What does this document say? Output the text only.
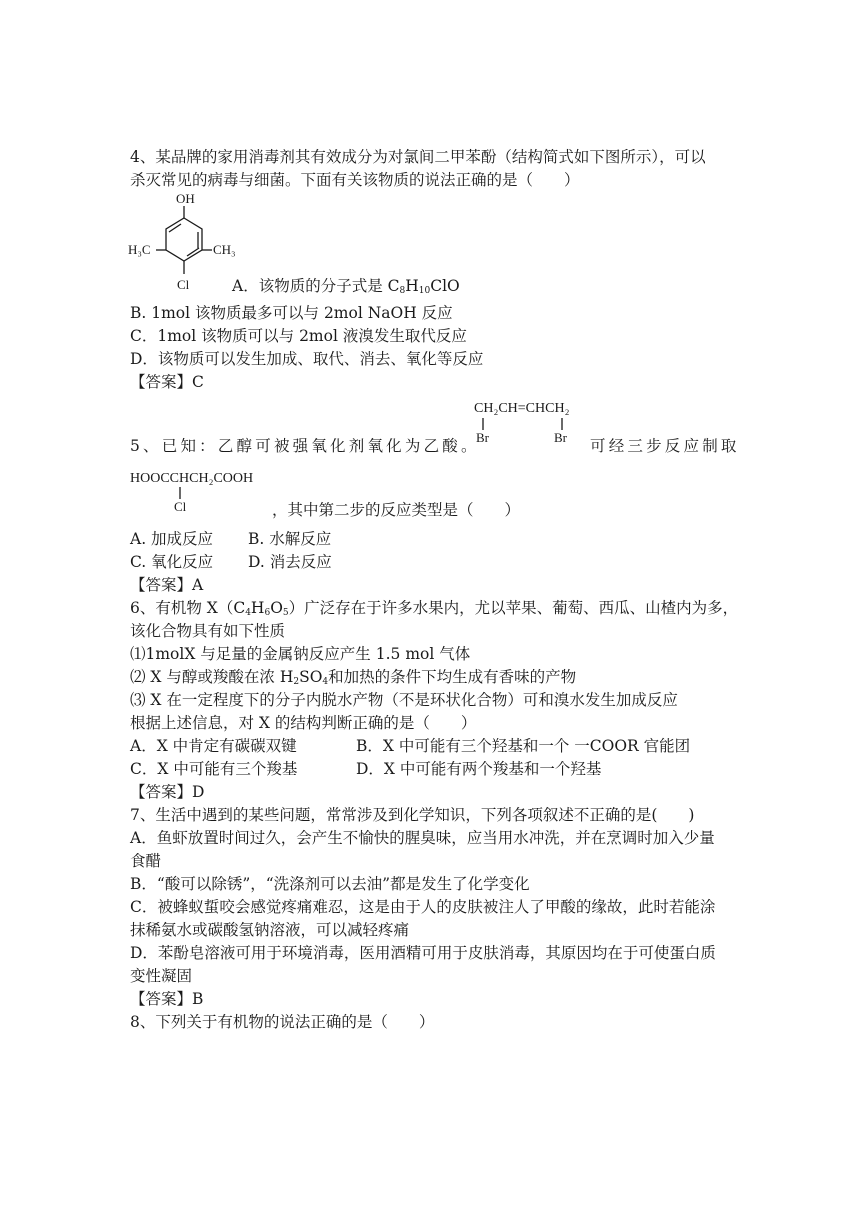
4、某品牌的家用消毒剂其有效成分为对氯间二甲苯酚（结构简式如下图所示），可以
杀灭常见的病毒与细菌。下面有关该物质的说法正确的是（　　）
OH
H₃C	CH₃
Cl	A．该物质的分子式是 $C_8H_{10}ClO$
B. 1mol 该物质最多可以与 2mol NaOH 反应
C．1mol 该物质可以与 2mol 液溴发生取代反应
D．该物质可以发生加成、取代、消去、氧化等反应
【答案】C
CH₂CH=CHCH₂
Br	Br
5、已知：乙醇可被强氧化剂氧化为乙酸。	可经三步反应制取
HOOCCHCH₂COOH
Cl	，其中第二步的反应类型是（　　）
A. 加成反应 B. 水解反应
C. 氧化反应 D. 消去反应
【答案】A
6、有机物 $X(C_4H_6O_5)$广泛存在于许多水果内，尤以苹果、葡萄、西瓜、山楂内为多，
该化合物具有如下性质
⑴1molX 与足量的金属钠反应产生 1.5 mol 气体
⑵ X 与醇或羧酸在浓 $H_2SO_4$和加热的条件下均生成有香味的产物
⑶ X 在一定程度下的分子内脱水产物（不是环状化合物）可和溴水发生加成反应
根据上述信息，对 X 的结构判断正确的是（　　）
A．X 中肯定有碳碳双键	B．X 中可能有三个羟基和一个 一COOR 官能团
C．X 中可能有三个羧基	D．X 中可能有两个羧基和一个羟基
【答案】D
7、生活中遇到的某些问题，常常涉及到化学知识，下列各项叙述不正确的是(　　)
A．鱼虾放置时间过久，会产生不愉快的腥臭味，应当用水冲洗，并在烹调时加入少量
食醋
B．“酸可以除锈”，“洗涤剂可以去油”都是发生了化学变化
C．被蜂蚁蜇咬会感觉疼痛难忍，这是由于人的皮肤被注人了甲酸的缘故，此时若能涂
抹稀氨水或碳酸氢钠溶液，可以减轻疼痛
D．苯酚皂溶液可用于环境消毒，医用酒精可用于皮肤消毒，其原因均在于可使蛋白质
变性凝固
【答案】B
8、下列关于有机物的说法正确的是（　　）
